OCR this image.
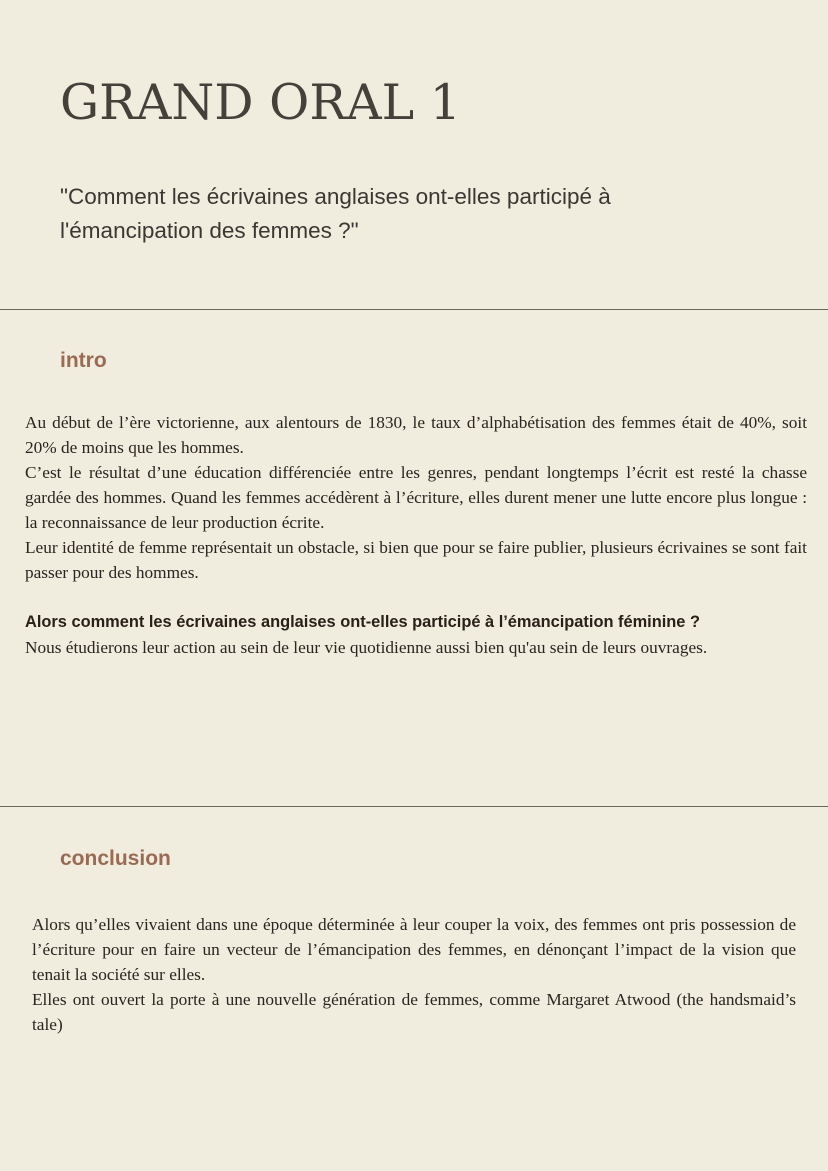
GRAND ORAL 1

"Comment les écrivaines anglaises ont-elles participé à l'émancipation des femmes ?"

intro

Au début de l’ère victorienne, aux alentours de 1830, le taux d’alphabétisation des femmes était de 40%, soit 20% de moins que les hommes.

C’est le résultat d’une éducation différenciée entre les genres, pendant longtemps l’écrit est resté la chasse gardée des hommes. Quand les femmes accédèrent à l’écriture, elles durent mener une lutte encore plus longue : la reconnaissance de leur production écrite.

Leur identité de femme représentait un obstacle, si bien que pour se faire publier, plusieurs écrivaines se sont fait passer pour des hommes.

Alors comment les écrivaines anglaises ont-elles participé à l’émancipation féminine ?

Nous étudierons leur action au sein de leur vie quotidienne aussi bien qu'au sein de leurs ouvrages.

conclusion

Alors qu’elles vivaient dans une époque déterminée à leur couper la voix, des femmes ont pris possession de l’écriture pour en faire un vecteur de l’émancipation des femmes, en dénonçant l’impact de la vision que tenait la société sur elles.

Elles ont ouvert la porte à une nouvelle génération de femmes, comme Margaret Atwood (the handsmaid’s tale)
